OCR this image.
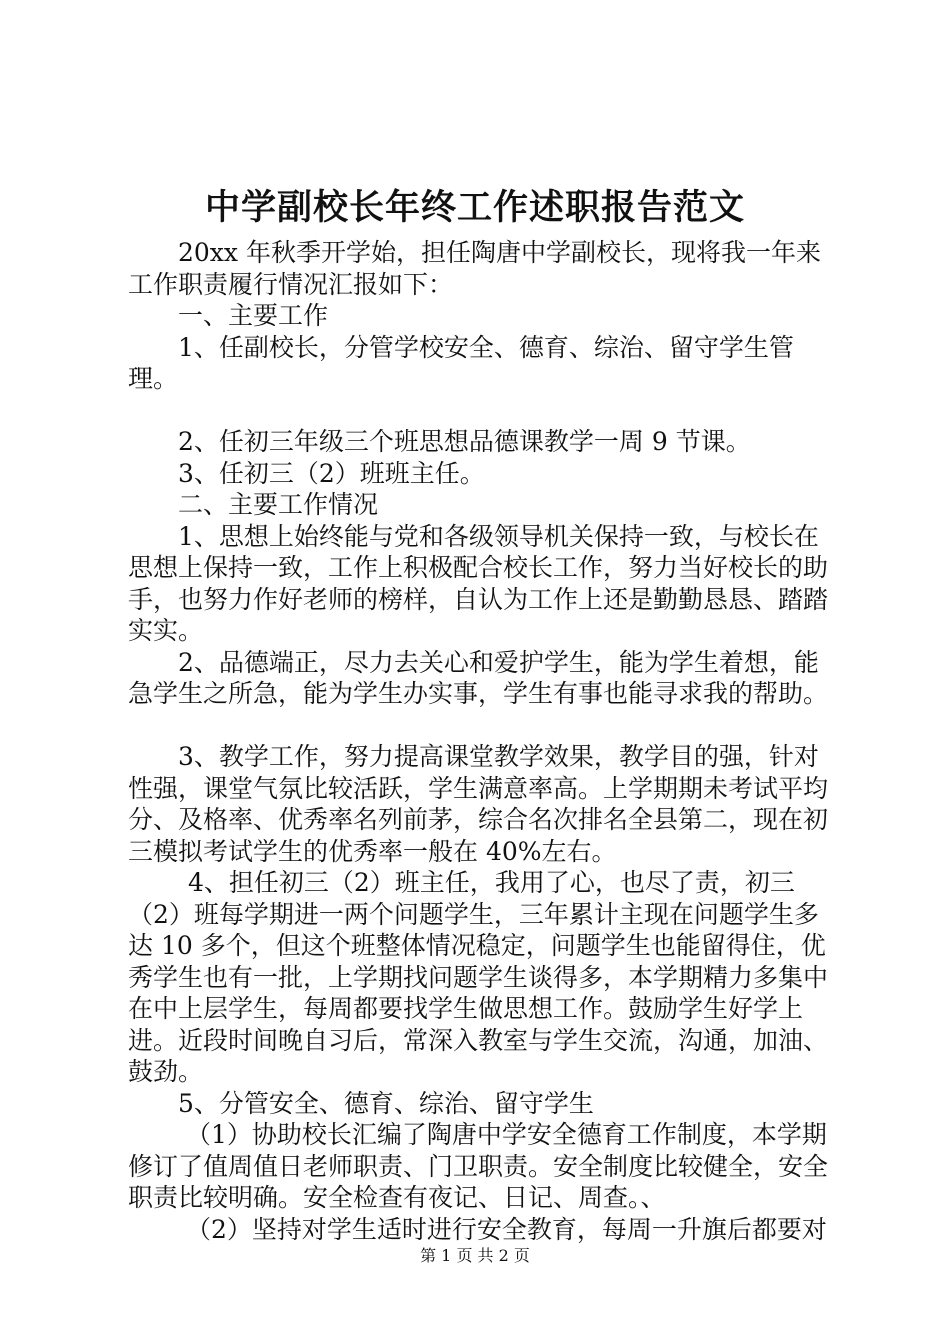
中学副校长年终工作述职报告范文

20xx 年秋季开学始，担任陶唐中学副校长，现将我一年来工作职责履行情况汇报如下：

一、主要工作

1、任副校长，分管学校安全、德育、综治、留守学生管理。

2、任初三年级三个班思想品德课教学一周 9 节课。

3、任初三（2）班班主任。

二、主要工作情况

1、思想上始终能与党和各级领导机关保持一致，与校长在思想上保持一致，工作上积极配合校长工作，努力当好校长的助手，也努力作好老师的榜样，自认为工作上还是勤勤恳恳、踏踏实实。

2、品德端正，尽力去关心和爱护学生，能为学生着想，能急学生之所急，能为学生办实事，学生有事也能寻求我的帮助。

3、教学工作，努力提高课堂教学效果，教学目的强，针对性强，课堂气氛比较活跃，学生满意率高。上学期期未考试平均分、及格率、优秀率名列前茅，综合名次排名全县第二，现在初三模拟考试学生的优秀率一般在 40%左右。

4、担任初三（2）班主任，我用了心，也尽了责，初三（2）班每学期进一两个问题学生，三年累计主现在问题学生多达 10 多个，但这个班整体情况稳定，问题学生也能留得住，优秀学生也有一批，上学期找问题学生谈得多，本学期精力多集中在中上层学生，每周都要找学生做思想工作。鼓励学生好学上进。近段时间晚自习后，常深入教室与学生交流，沟通，加油、鼓劲。

5、分管安全、德育、综治、留守学生

（1）协助校长汇编了陶唐中学安全德育工作制度，本学期修订了值周值日老师职责、门卫职责。安全制度比较健全，安全职责比较明确。安全检查有夜记、日记、周查。、

（2）坚持对学生适时进行安全教育，每周一升旗后都要对

第 1 页 共 2 页
